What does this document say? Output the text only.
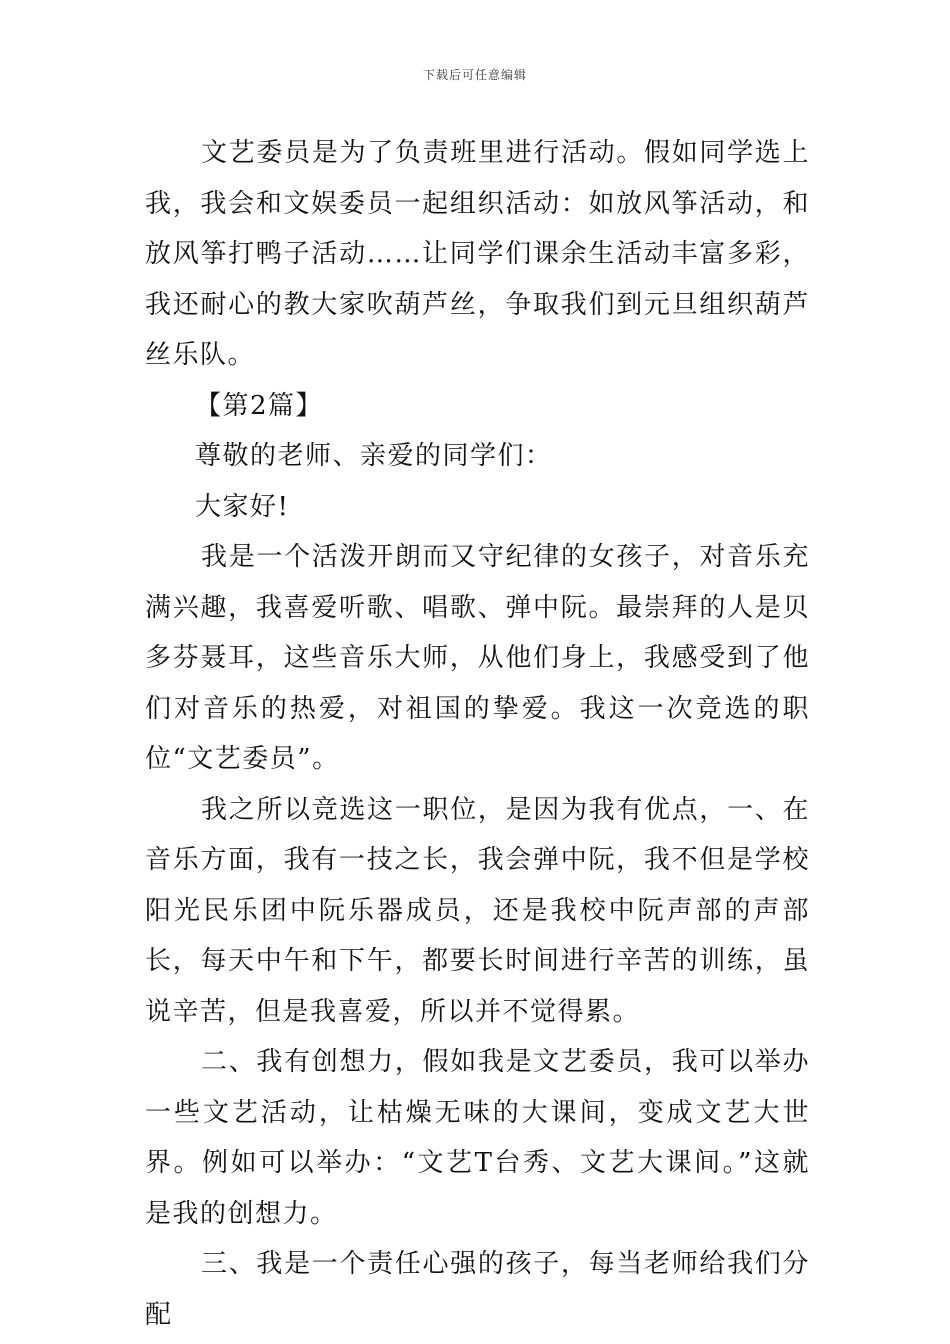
下载后可任意编辑

文艺委员是为了负责班里进行活动。假如同学选上我，我会和文娱委员一起组织活动：如放风筝活动，和放风筝打鸭子活动……让同学们课余生活动丰富多彩，我还耐心的教大家吹葫芦丝，争取我们到元旦组织葫芦丝乐队。

【第2篇】

尊敬的老师、亲爱的同学们：

大家好!

我是一个活泼开朗而又守纪律的女孩子，对音乐充满兴趣，我喜爱听歌、唱歌、弹中阮。最崇拜的人是贝多芬聂耳，这些音乐大师，从他们身上，我感受到了他们对音乐的热爱，对祖国的挚爱。我这一次竞选的职位“文艺委员”。

我之所以竞选这一职位，是因为我有优点，一、在音乐方面，我有一技之长，我会弹中阮，我不但是学校阳光民乐团中阮乐器成员，还是我校中阮声部的声部长，每天中午和下午，都要长时间进行辛苦的训练，虽说辛苦，但是我喜爱，所以并不觉得累。

二、我有创想力，假如我是文艺委员，我可以举办一些文艺活动，让枯燥无味的大课间，变成文艺大世界。例如可以举办：“文艺T台秀、文艺大课间。”这就是我的创想力。

三、我是一个责任心强的孩子，每当老师给我们分配
